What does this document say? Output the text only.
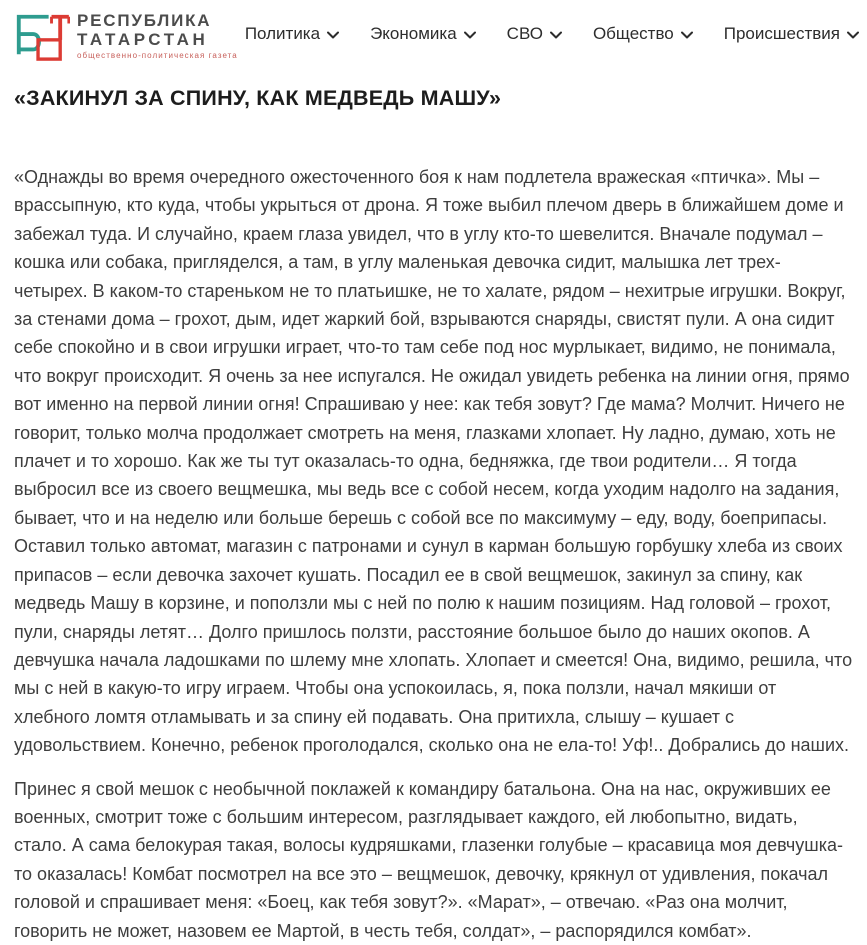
РЕСПУБЛИКА
ТАТАРСТАН
общественно-политическая газета
Политика	Экономика	СВО	Общество	Происшествия
«ЗАКИНУЛ ЗА СПИНУ, КАК МЕДВЕДЬ МАШУ»

«Однажды во время очередного ожесточенного боя к нам подлетела вражеская «птичка». Мы – врассыпную, кто куда, чтобы укрыться от дрона. Я тоже выбил плечом дверь в ближайшем доме и забежал туда. И случайно, краем глаза увидел, что в углу кто-то шевелится. Вначале подумал – кошка или собака, пригляделся, а там, в углу маленькая девочка сидит, малышка лет трех-четырех. В каком-то стареньком не то платьишке, не то халате, рядом – нехитрые игрушки. Вокруг, за стенами дома – грохот, дым, идет жаркий бой, взрываются снаряды, свистят пули. А она сидит себе спокойно и в свои игрушки играет, что-то там себе под нос мурлыкает, видимо, не понимала, что вокруг происходит. Я очень за нее испугался. Не ожидал увидеть ребенка на линии огня, прямо вот именно на первой линии огня! Спрашиваю у нее: как тебя зовут? Где мама? Молчит. Ничего не говорит, только молча продолжает смотреть на меня, глазками хлопает. Ну ладно, думаю, хоть не плачет и то хорошо. Как же ты тут оказалась-то одна, бедняжка, где твои родители… Я тогда выбросил все из своего вещмешка, мы ведь все с собой несем, когда уходим надолго на задания, бывает, что и на неделю или больше берешь с собой все по максимуму – еду, воду, боеприпасы. Оставил только автомат, магазин с патронами и сунул в карман большую горбушку хлеба из своих припасов – если девочка захочет кушать. Посадил ее в свой вещмешок, закинул за спину, как медведь Машу в корзине, и поползли мы с ней по полю к нашим позициям. Над головой – грохот, пули, снаряды летят… Долго пришлось ползти, расстояние большое было до наших окопов. А девчушка начала ладошками по шлему мне хлопать. Хлопает и смеется! Она, видимо, решила, что мы с ней в какую-то игру играем. Чтобы она успокоилась, я, пока ползли, начал мякиши от хлебного ломтя отламывать и за спину ей подавать. Она притихла, слышу – кушает с удовольствием. Конечно, ребенок проголодался, сколько она не ела-то! Уф!.. Добрались до наших.

Принес я свой мешок с необычной поклажей к командиру батальона. Она на нас, окруживших ее военных, смотрит тоже с большим интересом, разглядывает каждого, ей любопытно, видать, стало. А сама белокурая такая, волосы кудряшками, глазенки голубые – красавица моя девчушка-то оказалась! Комбат посмотрел на все это – вещмешок, девочку, крякнул от удивления, покачал головой и спрашивает меня: «Боец, как тебя зовут?». «Марат», – отвечаю. «Раз она молчит, говорить не может, назовем ее Мартой, в честь тебя, солдат», – распорядился комбат».
